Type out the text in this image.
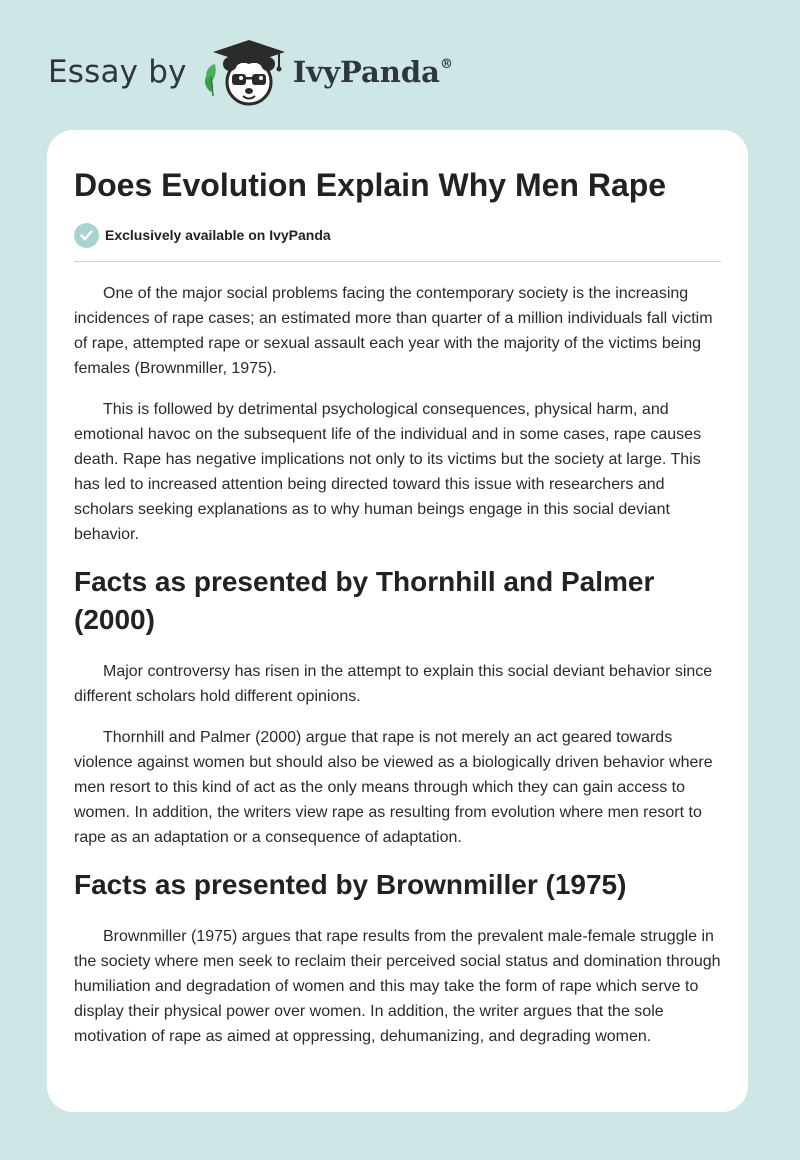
Essay by	IvyPanda®
Does Evolution Explain Why Men Rape
Exclusively available on IvyPanda

One of the major social problems facing the contemporary society is the increasing incidences of rape cases; an estimated more than quarter of a million individuals fall victim of rape, attempted rape or sexual assault each year with the majority of the victims being females (Brownmiller, 1975).

This is followed by detrimental psychological consequences, physical harm, and emotional havoc on the subsequent life of the individual and in some cases, rape causes death. Rape has negative implications not only to its victims but the society at large. This has led to increased attention being directed toward this issue with researchers and scholars seeking explanations as to why human beings engage in this social deviant behavior.

Facts as presented by Thornhill and Palmer (2000)

Major controversy has risen in the attempt to explain this social deviant behavior since different scholars hold different opinions.

Thornhill and Palmer (2000) argue that rape is not merely an act geared towards violence against women but should also be viewed as a biologically driven behavior where men resort to this kind of act as the only means through which they can gain access to women. In addition, the writers view rape as resulting from evolution where men resort to rape as an adaptation or a consequence of adaptation.

Facts as presented by Brownmiller (1975)

Brownmiller (1975) argues that rape results from the prevalent male-female struggle in the society where men seek to reclaim their perceived social status and domination through humiliation and degradation of women and this may take the form of rape which serve to display their physical power over women. In addition, the writer argues that the sole motivation of rape as aimed at oppressing, dehumanizing, and degrading women.
